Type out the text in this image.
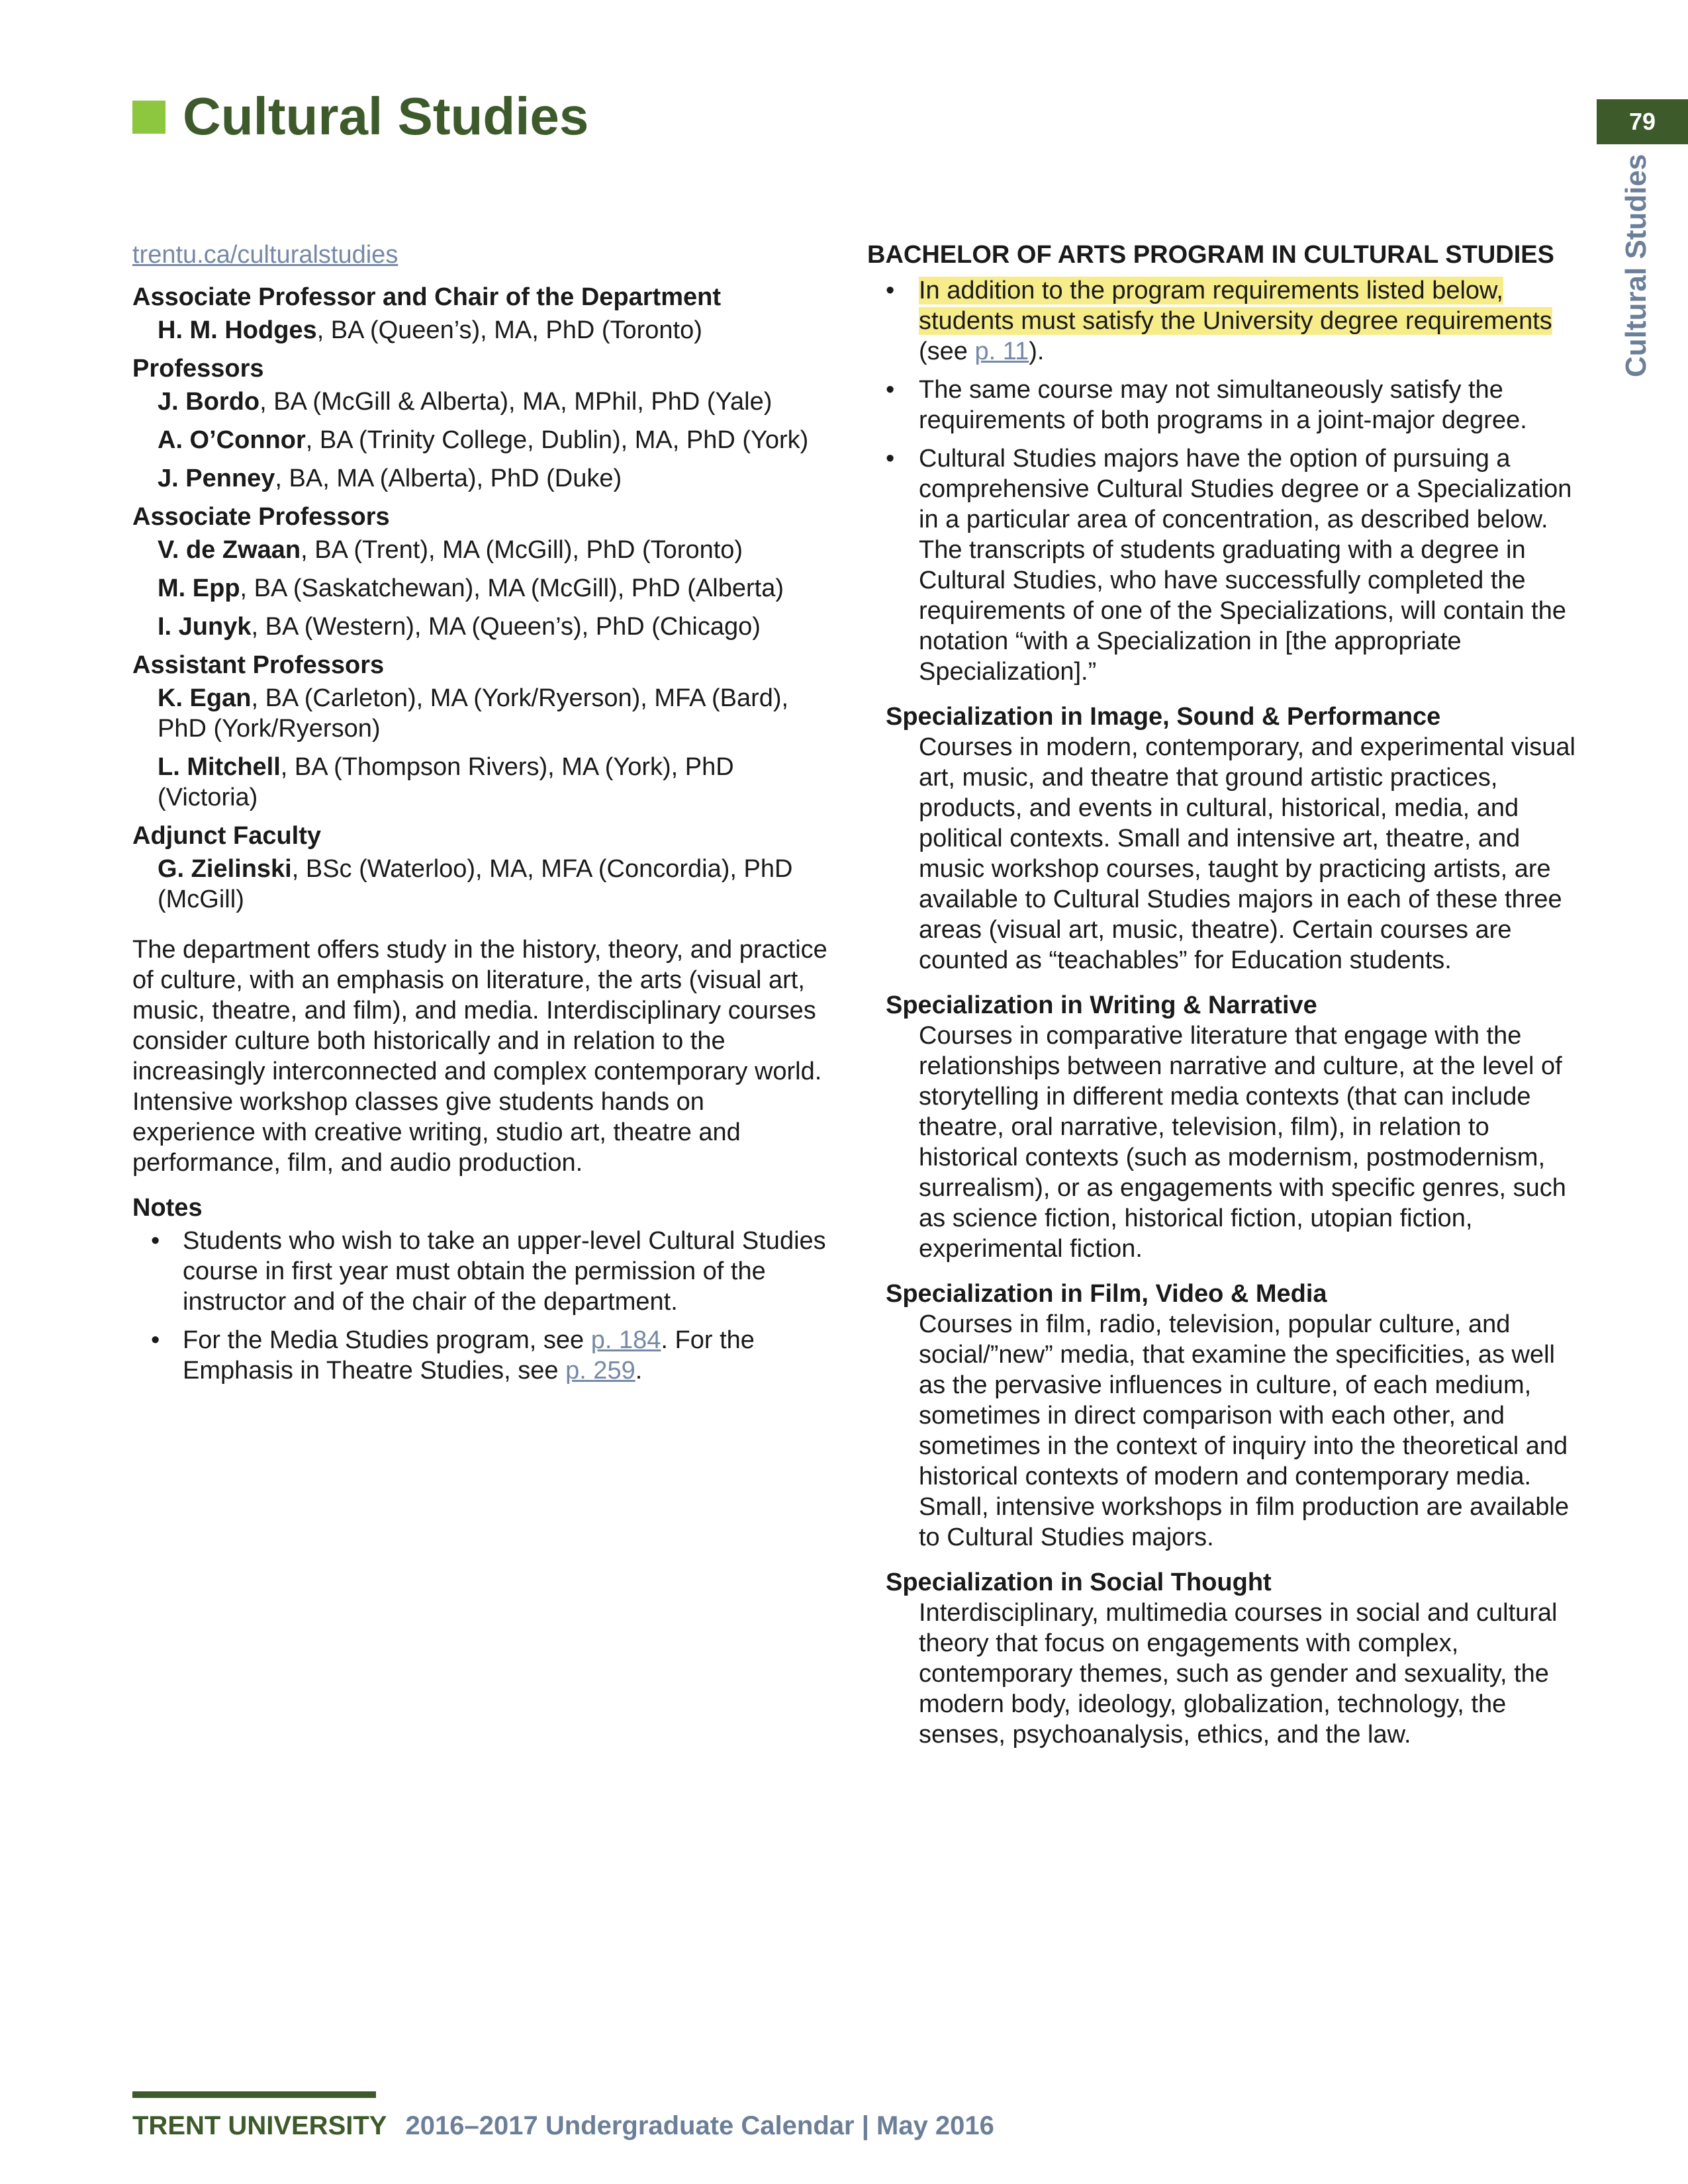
Cultural Studies	79
Cultural Studies
trentu.ca/culturalstudies
Associate Professor and Chair of the Department
H. M. Hodges, BA (Queen’s), MA, PhD (Toronto)
Professors
J. Bordo, BA (McGill & Alberta), MA, MPhil, PhD (Yale)
A. O’Connor, BA (Trinity College, Dublin), MA, PhD (York)
J. Penney, BA, MA (Alberta), PhD (Duke)
Associate Professors
V. de Zwaan, BA (Trent), MA (McGill), PhD (Toronto)
M. Epp, BA (Saskatchewan), MA (McGill), PhD (Alberta)
I. Junyk, BA (Western), MA (Queen’s), PhD (Chicago)
Assistant Professors
K. Egan, BA (Carleton), MA (York/Ryerson), MFA (Bard), PhD (York/Ryerson)
L. Mitchell, BA (Thompson Rivers), MA (York), PhD (Victoria)
Adjunct Faculty
G. Zielinski, BSc (Waterloo), MA, MFA (Concordia), PhD (McGill)
The department offers study in the history, theory, and practice of culture, with an emphasis on literature, the arts (visual art, music, theatre, and film), and media. Interdisciplinary courses consider culture both historically and in relation to the increasingly interconnected and complex contemporary world. Intensive workshop classes give students hands on experience with creative writing, studio art, theatre and performance, film, and audio production.
Notes
• Students who wish to take an upper-level Cultural Studies course in first year must obtain the permission of the instructor and of the chair of the department.
• For the Media Studies program, see p. 184. For the Emphasis in Theatre Studies, see p. 259.
BACHELOR OF ARTS PROGRAM IN CULTURAL STUDIES
• In addition to the program requirements listed below, students must satisfy the University degree requirements (see p. 11).
• The same course may not simultaneously satisfy the requirements of both programs in a joint-major degree.
• Cultural Studies majors have the option of pursuing a comprehensive Cultural Studies degree or a Specialization in a particular area of concentration, as described below. The transcripts of students graduating with a degree in Cultural Studies, who have successfully completed the requirements of one of the Specializations, will contain the notation “with a Specialization in [the appropriate Specialization].”
Specialization in Image, Sound & Performance
Courses in modern, contemporary, and experimental visual art, music, and theatre that ground artistic practices, products, and events in cultural, historical, media, and political contexts. Small and intensive art, theatre, and music workshop courses, taught by practicing artists, are available to Cultural Studies majors in each of these three areas (visual art, music, theatre). Certain courses are counted as “teachables” for Education students.
Specialization in Writing & Narrative
Courses in comparative literature that engage with the relationships between narrative and culture, at the level of storytelling in different media contexts (that can include theatre, oral narrative, television, film), in relation to historical contexts (such as modernism, postmodernism, surrealism), or as engagements with specific genres, such as science fiction, historical fiction, utopian fiction, experimental fiction.
Specialization in Film, Video & Media
Courses in film, radio, television, popular culture, and social/”new” media, that examine the specificities, as well as the pervasive influences in culture, of each medium, sometimes in direct comparison with each other, and sometimes in the context of inquiry into the theoretical and historical contexts of modern and contemporary media. Small, intensive workshops in film production are available to Cultural Studies majors.
Specialization in Social Thought
Interdisciplinary, multimedia courses in social and cultural theory that focus on engagements with complex, contemporary themes, such as gender and sexuality, the modern body, ideology, globalization, technology, the senses, psychoanalysis, ethics, and the law.
TRENT UNIVERSITY 2016–2017 Undergraduate Calendar | May 2016
